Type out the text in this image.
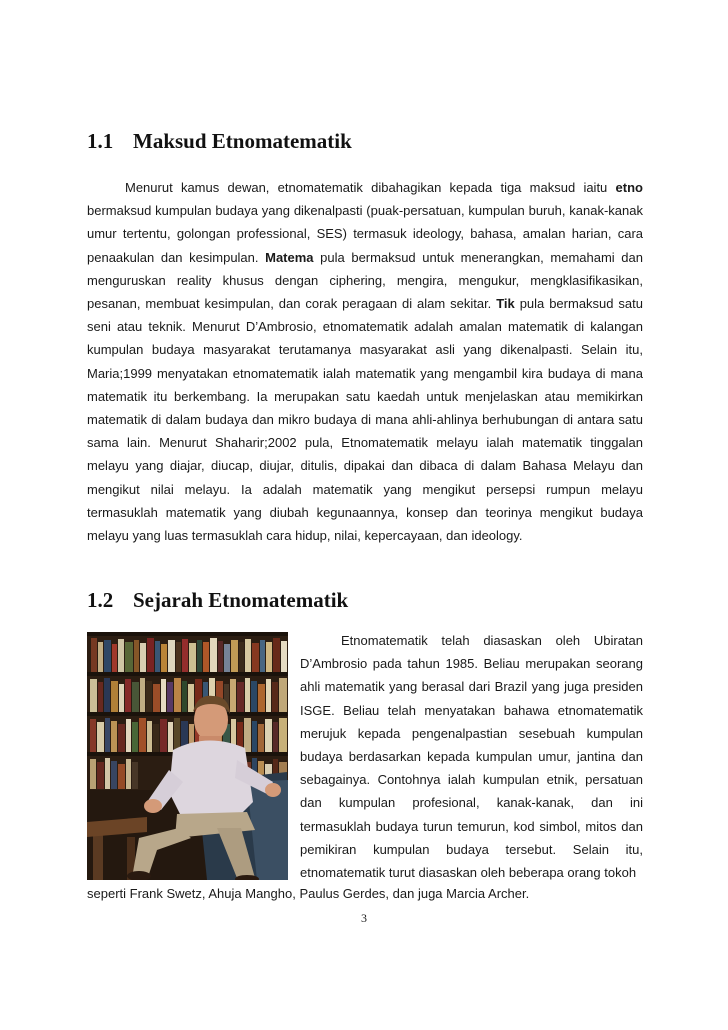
1.1 Maksud Etnomatematik

Menurut kamus dewan, etnomatematik dibahagikan kepada tiga maksud iaitu etno bermaksud kumpulan budaya yang dikenalpasti (puak-persatuan, kumpulan buruh, kanak-kanak umur tertentu, golongan professional, SES) termasuk ideology, bahasa, amalan harian, cara penaakulan dan kesimpulan. Matema pula bermaksud untuk menerangkan, memahami dan menguruskan reality khusus dengan ciphering, mengira, mengukur, mengklasifikasikan, pesanan, membuat kesimpulan, dan corak peragaan di alam sekitar. Tik pula bermaksud satu seni atau teknik. Menurut D’Ambrosio, etnomatematik adalah amalan matematik di kalangan kumpulan budaya masyarakat terutamanya masyarakat asli yang dikenalpasti. Selain itu, Maria;1999 menyatakan etnomatematik ialah matematik yang mengambil kira budaya di mana matematik itu berkembang. Ia merupakan satu kaedah untuk menjelaskan atau memikirkan matematik di dalam budaya dan mikro budaya di mana ahli-ahlinya berhubungan di antara satu sama lain. Menurut Shaharir;2002 pula, Etnomatematik melayu ialah matematik tinggalan melayu yang diajar, diucap, diujar, ditulis, dipakai dan dibaca di dalam Bahasa Melayu dan mengikut nilai melayu. Ia adalah matematik yang mengikut persepsi rumpun melayu termasuklah matematik yang diubah kegunaannya, konsep dan teorinya mengikut budaya melayu yang luas termasuklah cara hidup, nilai, kepercayaan, dan ideology.

1.2 Sejarah Etnomatematik

Etnomatematik telah diasaskan oleh Ubiratan D’Ambrosio pada tahun 1985. Beliau merupakan seorang ahli matematik yang berasal dari Brazil yang juga presiden ISGE. Beliau telah menyatakan bahawa etnomatematik merujuk kepada pengenalpastian sesebuah kumpulan budaya berdasarkan kepada kumpulan umur, jantina dan sebagainya. Contohnya ialah kumpulan etnik, persatuan dan kumpulan profesional, kanak-kanak, dan ini termasuklah budaya turun temurun, kod simbol, mitos dan pemikiran kumpulan budaya tersebut. Selain itu, etnomatematik turut diasaskan oleh beberapa orang tokoh

seperti Frank Swetz, Ahuja Mangho, Paulus Gerdes, dan juga Marcia Archer.

3
